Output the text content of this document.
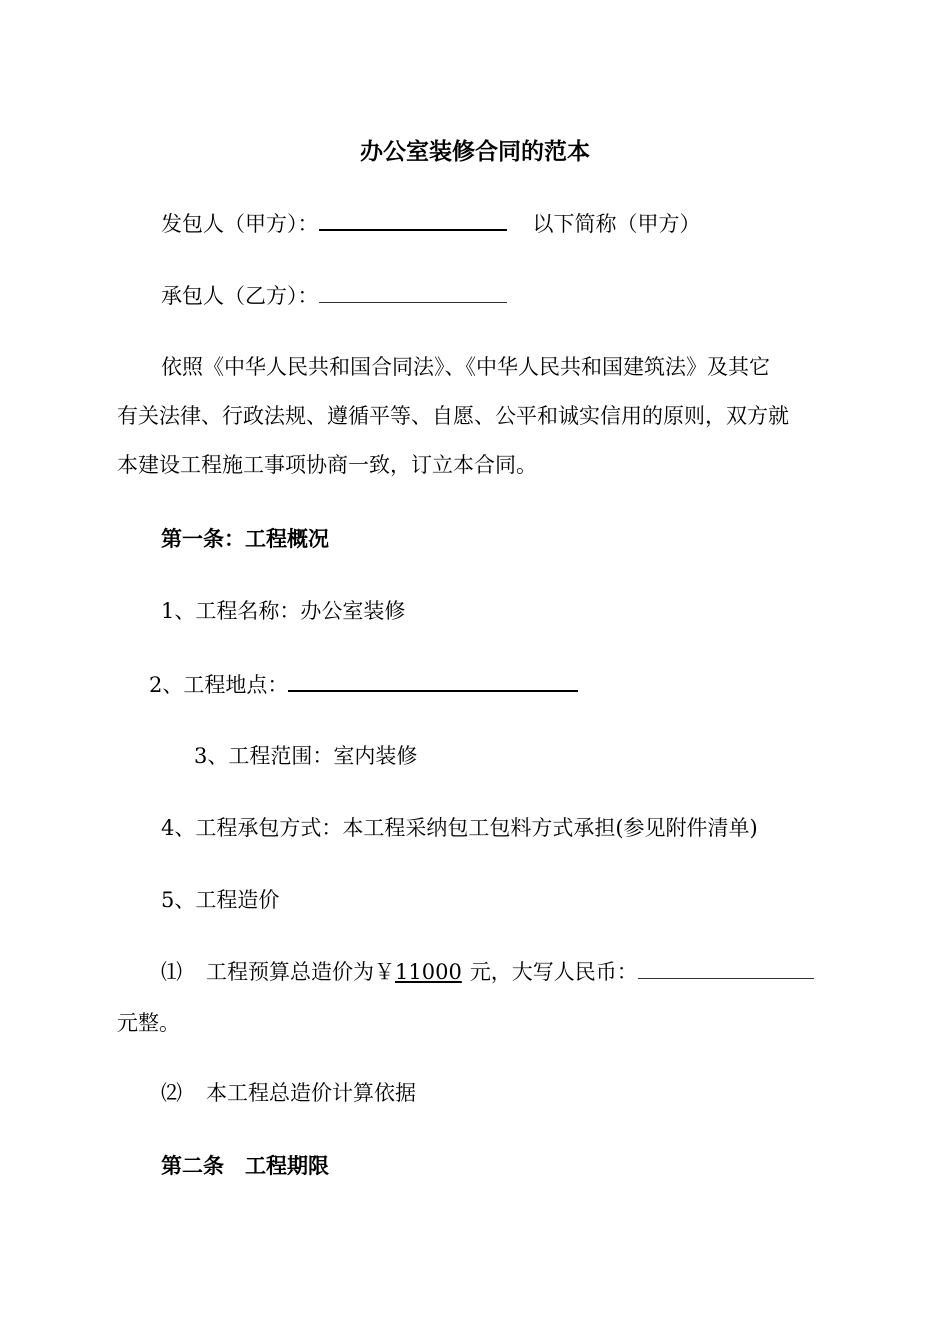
办公室装修合同的范本
发包人（甲方）：	以下简称（甲方）
承包人（乙方）：
依照《中华人民共和国合同法》、《中华人民共和国建筑法》及其它
有关法律、行政法规、遵循平等、自愿、公平和诚实信用的原则，双方就
本建设工程施工事项协商一致，订立本合同。
第一条：工程概况
1、工程名称：办公室装修
2、工程地点：
3、工程范围：室内装修
4、工程承包方式：本工程采纳包工包料方式承担(参见附件清单)
5、工程造价
⑴ 工程预算总造价为￥11000 元，大写人民币：
元整。
⑵ 本工程总造价计算依据
第二条　工程期限
